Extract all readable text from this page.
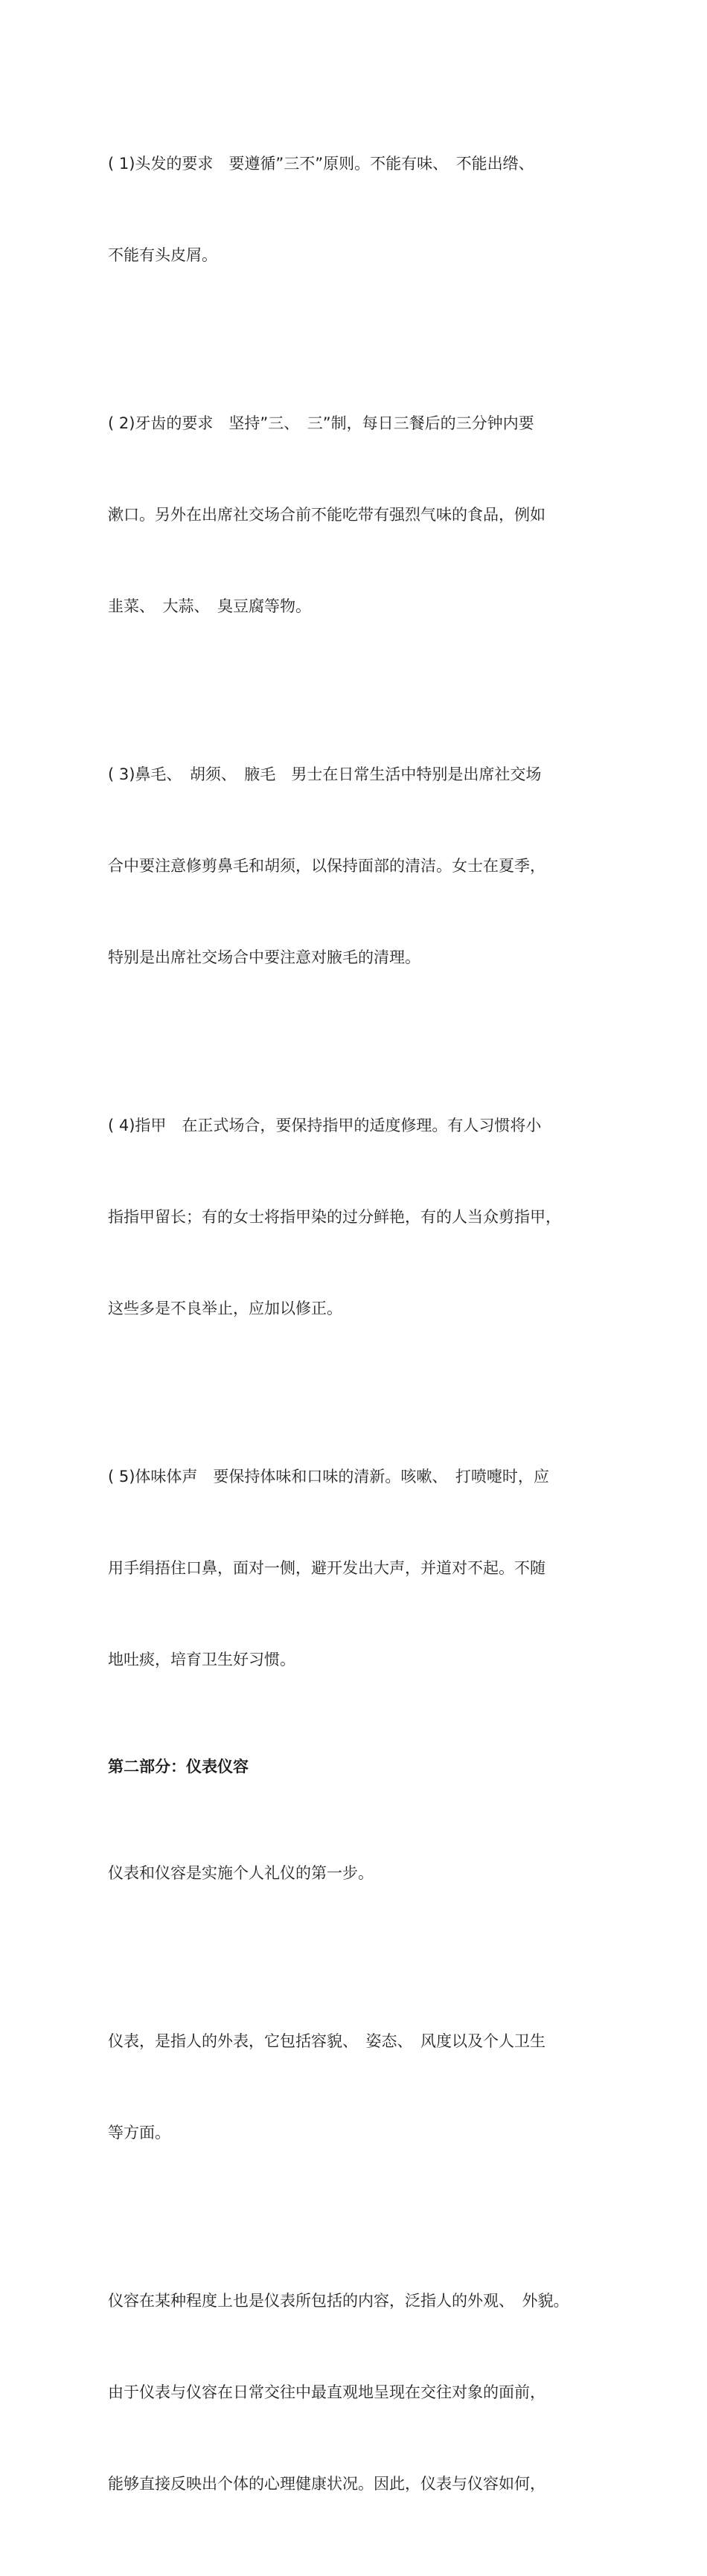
( 1)头发的要求　要遵循”三不”原则。不能有味、　不能出绺、

不能有头皮屑。

( 2)牙齿的要求　坚持”三、　三”制，每日三餐后的三分钟内要

漱口。另外在出席社交场合前不能吃带有强烈气味的食品，例如

韭菜、　大蒜、　臭豆腐等物。

( 3)鼻毛、　胡须、　腋毛　男士在日常生活中特别是出席社交场

合中要注意修剪鼻毛和胡须，以保持面部的清洁。女士在夏季，

特别是出席社交场合中要注意对腋毛的清理。

( 4)指甲　在正式场合，要保持指甲的适度修理。有人习惯将小

指指甲留长；有的女士将指甲染的过分鲜艳，有的人当众剪指甲，

这些多是不良举止，应加以修正。

( 5)体味体声　要保持体味和口味的清新。咳嗽、　打喷嚏时，应

用手绢捂住口鼻，面对一侧，避开发出大声，并道对不起。不随

地吐痰，培育卫生好习惯。

第二部分：仪表仪容

仪表和仪容是实施个人礼仪的第一步。

仪表，是指人的外表，它包括容貌、　姿态、　风度以及个人卫生

等方面。

仪容在某种程度上也是仪表所包括的内容，泛指人的外观、　外貌。

由于仪表与仪容在日常交往中最直观地呈现在交往对象的面前，

能够直接反映出个体的心理健康状况。因此，仪表与仪容如何，
